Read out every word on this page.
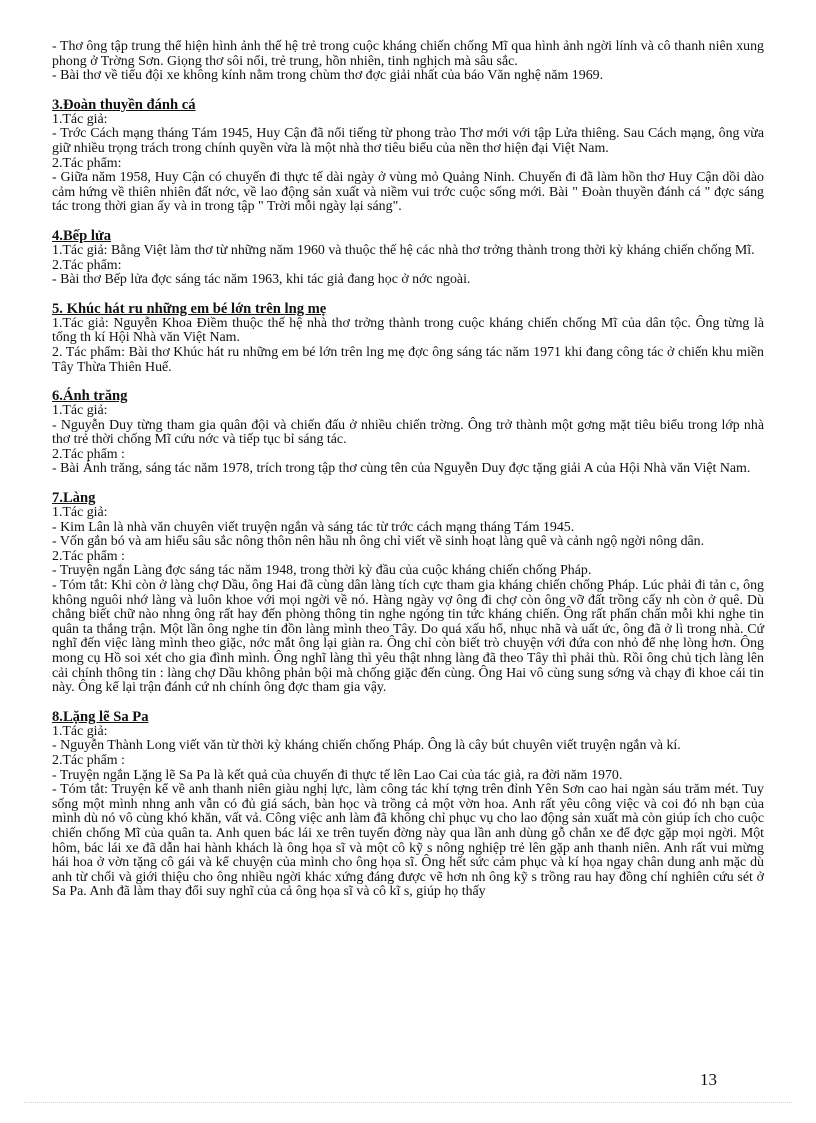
- Thơ ông tập trung thể hiện hình ảnh thế hệ trẻ trong cuộc kháng chiến chống Mĩ qua hình ảnh ngời lính và cô thanh niên xung phong ở Trờng Sơn. Giọng thơ sôi nổi, trẻ trung, hồn nhiên, tinh nghịch mà sâu sắc.

- Bài thơ về tiểu đội xe không kính nằm trong chùm thơ đợc giải nhất của báo Văn nghệ năm 1969.

3.Đoàn thuyền đánh cá

1.Tác giả:

- Trớc Cách mạng tháng Tám 1945, Huy Cận đã nổi tiếng từ phong trào Thơ mới với tập Lửa thiêng. Sau Cách mạng, ông vừa giữ nhiều trọng trách trong chính quyền vừa là một nhà thơ tiêu biểu của nền thơ hiện đại Việt Nam.

2.Tác phẩm:

- Giữa năm 1958, Huy Cận có chuyến đi thực tế dài ngày ở vùng mỏ Quảng Ninh. Chuyến đi đã làm hồn thơ Huy Cận dồi dào cảm hứng về thiên nhiên đất nớc, về lao động sản xuất và niềm vui trớc cuộc sống mới. Bài " Đoàn thuyền đánh cá " đợc sáng tác trong thời gian ấy và in trong tập " Trời mỗi ngày lại sáng".

4.Bếp lửa

1.Tác giả: Bằng Việt làm thơ từ những năm 1960 và thuộc thế hệ các nhà thơ trởng thành trong thời kỳ kháng chiến chống Mĩ.

2.Tác phẩm:

- Bài thơ Bếp lửa đợc sáng tác năm 1963, khi tác giả đang học ở nớc ngoài.

5. Khúc hát ru những em bé lớn trên lng mẹ

1.Tác giả: Nguyễn Khoa Điềm thuộc thế hệ nhà thơ trởng thành trong cuộc kháng chiến chống Mĩ của dân tộc. Ông từng là tổng th kí Hội Nhà văn Việt Nam.

2. Tác phẩm: Bài thơ Khúc hát ru những em bé lớn trên lng mẹ đợc ông sáng tác năm 1971 khi đang công tác ở chiến khu miền Tây Thừa Thiên Huế.

6.Ánh trăng

1.Tác giả:

- Nguyễn Duy từng tham gia quân đội và chiến đấu ở nhiều chiến trờng. Ông trở thành một gơng mặt tiêu biểu trong lớp nhà thơ trẻ thời chống Mĩ cứu nớc và tiếp tục bỉ sáng tác.

2.Tác phẩm :

- Bài Ánh trăng, sáng tác năm 1978, trích trong tập thơ cùng tên của Nguyễn Duy đợc tặng giải A của Hội Nhà văn Việt Nam.

7.Làng

1.Tác giả:

- Kim Lân là nhà văn chuyên viết truyện ngắn và sáng tác từ trớc cách mạng tháng Tám 1945.

- Vốn gắn bó và am hiểu sâu sắc nông thôn nên hầu nh ông chỉ viết về sinh hoạt làng quê và cảnh ngộ ngời nông dân.

2.Tác phẩm :

- Truyện ngắn Làng đợc sáng tác năm 1948, trong thời kỳ đầu của cuộc kháng chiến chống Pháp.

- Tóm tắt: Khi còn ở làng chợ Dầu, ông Hai đã cùng dân làng tích cực tham gia kháng chiến chống Pháp. Lúc phải đi tản c, ông không nguôi nhớ làng và luôn khoe với mọi ngời về nó. Hàng ngày vợ ông đi chợ còn ông vỡ đất trồng cấy nh còn ở quê. Dù chẳng biết chữ nào nhng ông rất hay đến phòng thông tin nghe ngóng tin tức kháng chiến. Ông rất phấn chấn mỗi khi nghe tin quân ta thắng trận. Một lần ông nghe tin đồn làng mình theo Tây. Do quá xấu hổ, nhục nhã và uất ức, ông đã ở lì trong nhà. Cứ nghĩ đến việc làng mình theo giặc, nớc mắt ông lại giàn ra. Ông chỉ còn biết trò chuyện với đứa con nhỏ để nhẹ lòng hơn. Ông mong cụ Hồ soi xét cho gia đình mình. Ông nghĩ làng thì yêu thật nhng làng đã theo Tây thì phải thù. Rồi ông chủ tịch làng lên cải chính thông tin : làng chợ Dầu không phản bội mà chống giặc đến cùng. Ông Hai vô cùng sung sớng và chạy đi khoe cái tin này. Ông kể lại trận đánh cứ nh chính ông đợc tham gia vậy.

8.Lặng lẽ Sa Pa

1.Tác giả:

- Nguyễn Thành Long viết văn từ thời kỳ kháng chiến chống Pháp. Ông là cây bút chuyên viết truyện ngắn và kí.

2.Tác phẩm :

- Truyện ngắn Lặng lẽ Sa Pa là kết quả của chuyến đi thực tế lên Lao Cai của tác giả, ra đời năm 1970.

- Tóm tắt: Truyện kể về anh thanh niên giàu nghị lực, làm công tác khí tợng trên đỉnh Yên Sơn cao hai ngàn sáu trăm mét. Tuy sống một mình nhng anh vẫn có đủ giá sách, bàn học và trồng cả một vờn hoa. Anh rất yêu công việc và coi đó nh bạn của mình dù nó vô cùng khó khăn, vất vả. Công việc anh làm đã không chỉ phục vụ cho lao động sản xuất mà còn giúp ích cho cuộc chiến chống Mĩ của quân ta. Anh quen bác lái xe trên tuyến đờng này qua lần anh dùng gỗ chắn xe để đợc gặp mọi ngời. Một hôm, bác lái xe đã dẫn hai hành khách là ông họa sĩ và một cô kỹ s nông nghiệp trẻ lên gặp anh thanh niên. Anh rất vui mừng hái hoa ở vờn tặng cô gái và kể chuyện của mình cho ông họa sĩ. Ông hết sức cảm phục và kí họa ngay chân dung anh mặc dù anh từ chối và giới thiệu cho ông nhiều ngời khác xứng đáng được vẽ hơn nh ông kỹ s trồng rau hay đồng chí nghiên cứu sét ở Sa Pa. Anh đã làm thay đổi suy nghĩ của cả ông họa sĩ và cô kĩ s, giúp họ thấy

13
